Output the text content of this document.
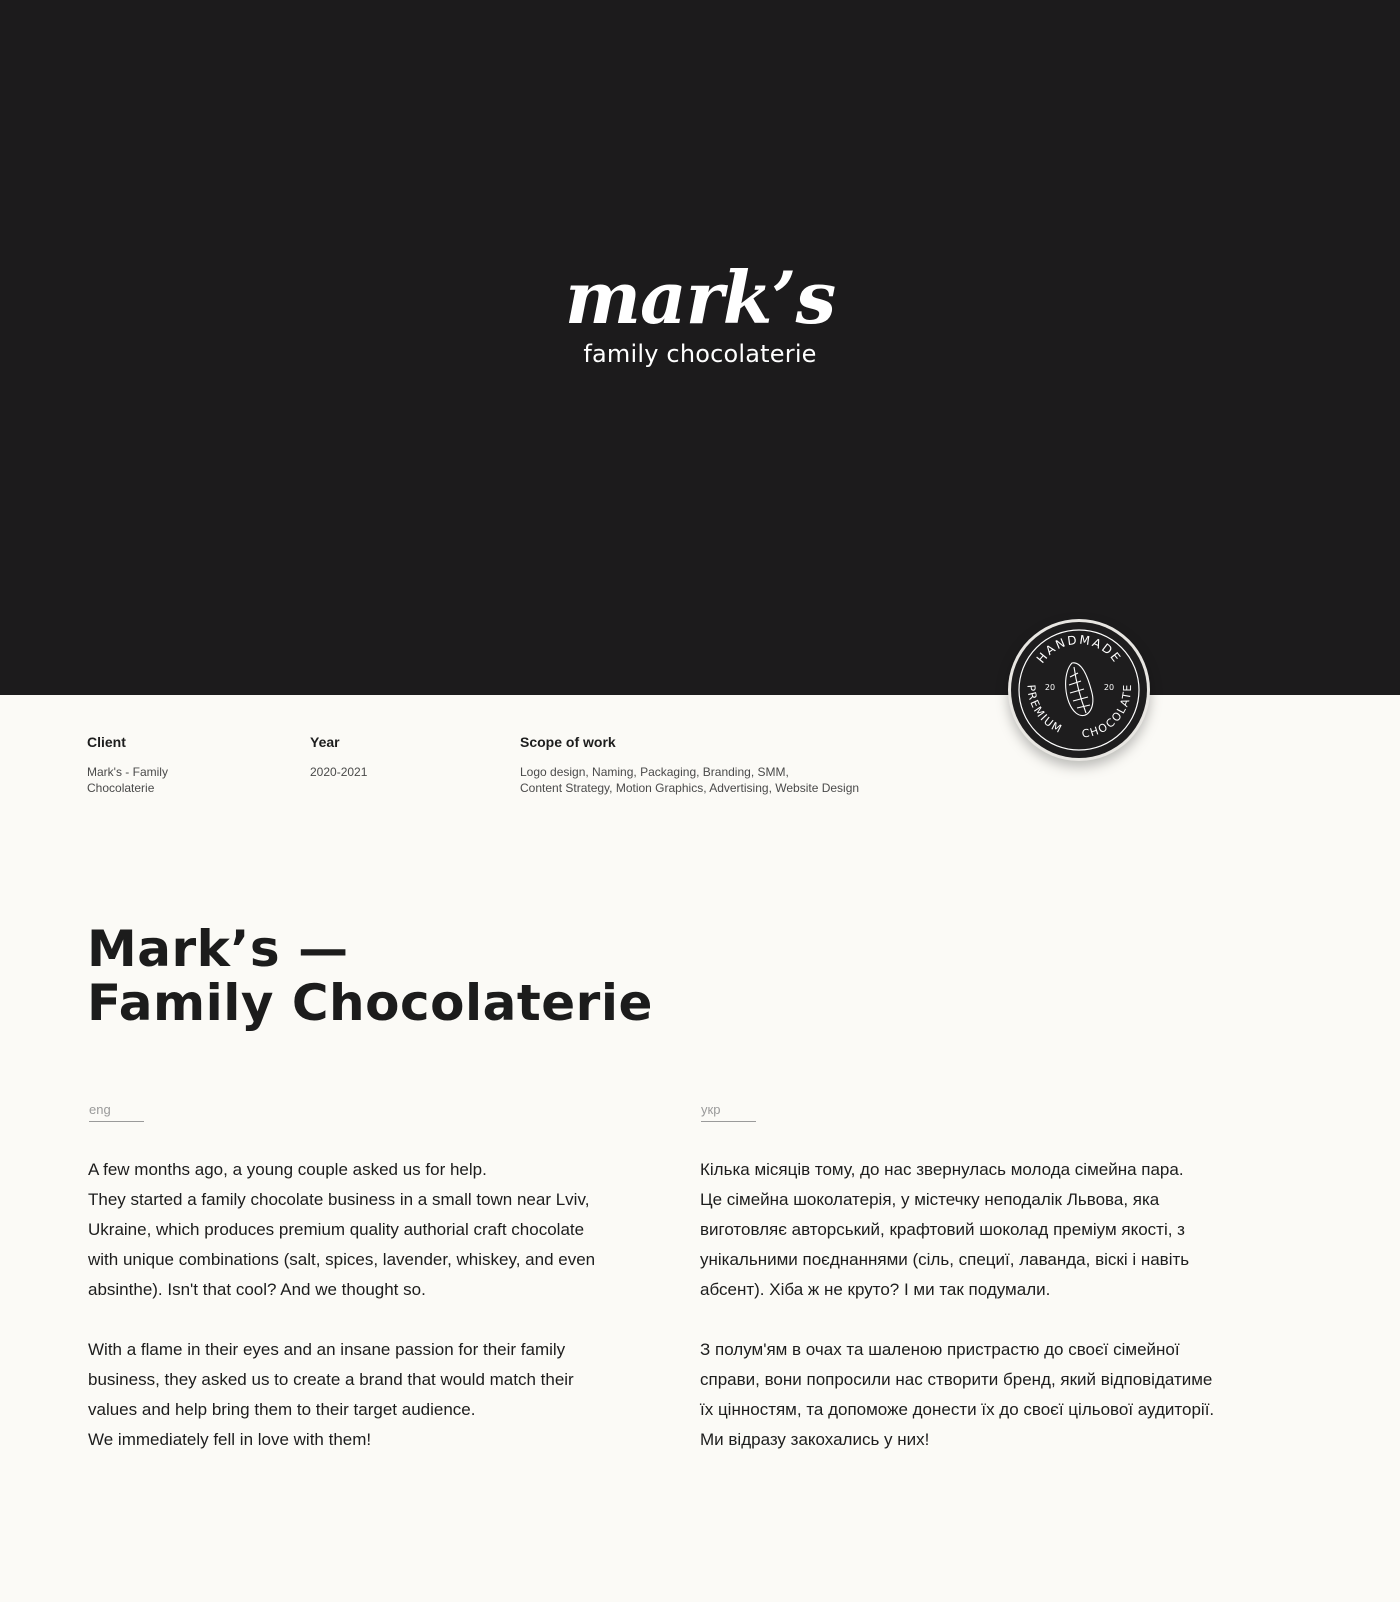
mark’s
family chocolaterie
HANDMADE
PREMIUM CHOCOLATE
20	20
Client
Mark's - Family
Chocolaterie
Year
2020-2021
Scope of work
Logo design, Naming, Packaging, Branding, SMM,
Content Strategy, Motion Graphics, Advertising, Website Design
Mark’s —
Family Chocolaterie
eng	укр

A few months ago, a young couple asked us for help.
They started a family chocolate business in a small town near Lviv,
Ukraine, which produces premium quality authorial craft chocolate
with unique combinations (salt, spices, lavender, whiskey, and even
absinthe). Isn't that cool? And we thought so.

With a flame in their eyes and an insane passion for their family
business, they asked us to create a brand that would match their
values and help bring them to their target audience.
We immediately fell in love with them!

Кілька місяців тому, до нас звернулась молода сімейна пара.
Це сімейна шоколатерія, у містечку неподалік Львова, яка
виготовляє авторський, крафтовий шоколад преміум якості, з
унікальними поєднаннями (сіль, специї, лаванда, віскі і навіть
абсент). Хіба ж не круто? І ми так подумали.

З полум'ям в очах та шаленою пристрастю до своєї сімейної
справи, вони попросили нас створити бренд, який відповідатиме
їх цінностям, та допоможе донести їх до своєї цільової аудиторії.
Ми відразу закохались у них!
